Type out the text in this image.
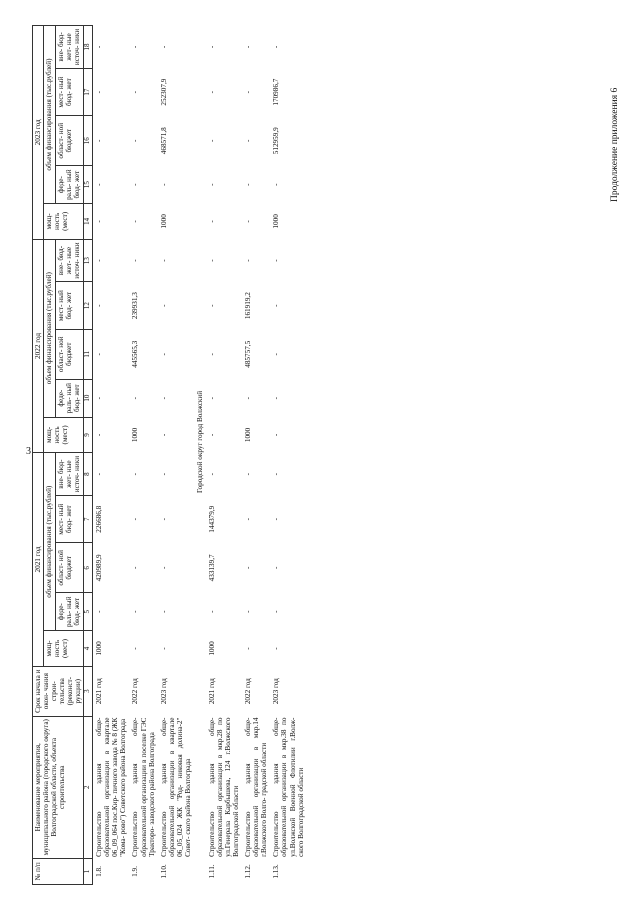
3
Продолжение приложения 6
№ п/п	Наименование мероприятия, муниципального района (городского округа) Волгоградской области, объекта строительства	Срок начала и окон- чания строи- тельства (реконст- рукции)	2021 год					2022 год					2023 год				
			мощ- ность (мест)	объем финансирования (тыс.рублей)				мощ- ность (мест)	объем финансирования (тыс.рублей)				мощ- ность (мест)	объем финансирования (тыс.рублей)			
				феде- раль- ный бюд- жет	област- ной бюджет	мест- ный бюд- жет	вне- бюд- жет- ные источ- ники		феде- раль- ный бюд- жет	област- ной бюджет	мест- ный бюд- жет	вне- бюд- жет- ные источ- ники		феде- раль- ный бюд- жет	област- ной бюджет	мест- ный бюд- жет	вне- бюд- жет- ные источ- ники

1	2	3	4	5	6	7	8	9	10	11	12	13	14	15	16	17	18
1.8.	Строительство здания обще- образовательной организации в квартале 06_09_064 пос.Кир- пичного завода № 8 (ЖК "Кома- рово") Советского района Волгограда	2021 год	1000	-	420989,9	226686,8	-	-	-	-	-	-	-	-	-	-	-
1.9.	Строительство здания обще- образовательной организации в поселке ГЭС Тракторо- заводского района Волгограда	2022 год	-	-	-	-	-	1000	-	445565,3	239931,3	-	-	-	-	-	-
1.10.	Строительство здания обще- образовательной организации в квартале 06_05_024 ЖК "Род- никовая долина-2" Совет- ского района Волгограда	2023 год	-	-	-	-	-	-	-	-	-	-	1000	-	468571,8	252307,9	-
	Городской округ город Волжский																
1.11.	Строительство здания обще- образовательной организации в мкр.28 по ул.Генерала Карбышева, 124 г.Волжского Волгоградской области	2021 год	1000	-	433139,7	144379,9	-	-	-	-	-	-	-	-	-	-	-
1.12.	Строительство здания обще- образовательной организации в мкр.14 г.Волжского Волго- градской области	2022 год	-	-	-	-	-	1000	-	485757,5	161919,2	-	-	-	-	-	-
1.13.	Строительство здания обще- образовательной организации в мкр.38 по ул.Волжской Военной Флотилии г.Волж- ского Волгоградской области	2023 год	-	-	-	-	-	-	-	-	-	-	1000	-	512959,9	170986,7	-
